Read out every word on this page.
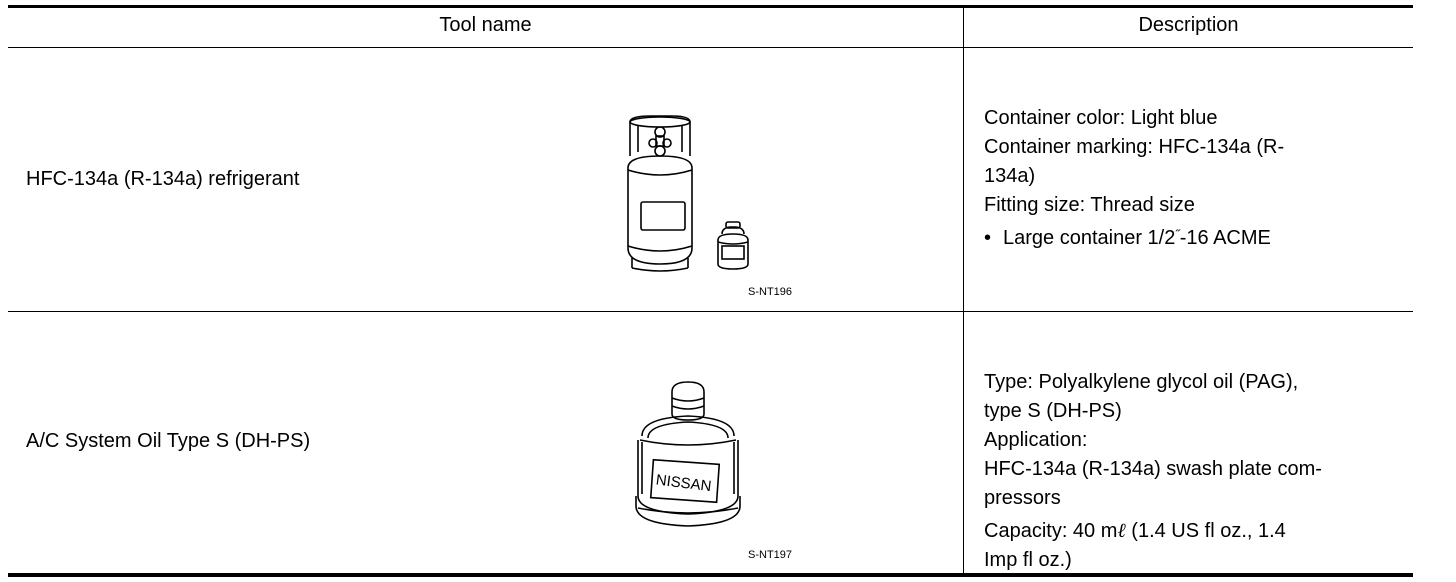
Tool name	Description
HFC-134a (R-134a) refrigerant
S-NT196
Container color: Light blue
Container marking: HFC-134a (R-
134a)
Fitting size: Thread size
• Large container 1/2˝-16 ACME
A/C System Oil Type S (DH-PS)
NISSAN
S-NT197
Type: Polyalkylene glycol oil (PAG),
type S (DH-PS)
Application:
HFC-134a (R-134a) swash plate com-
pressors
Capacity: 40 mℓ (1.4 US fl oz., 1.4
Imp fl oz.)
